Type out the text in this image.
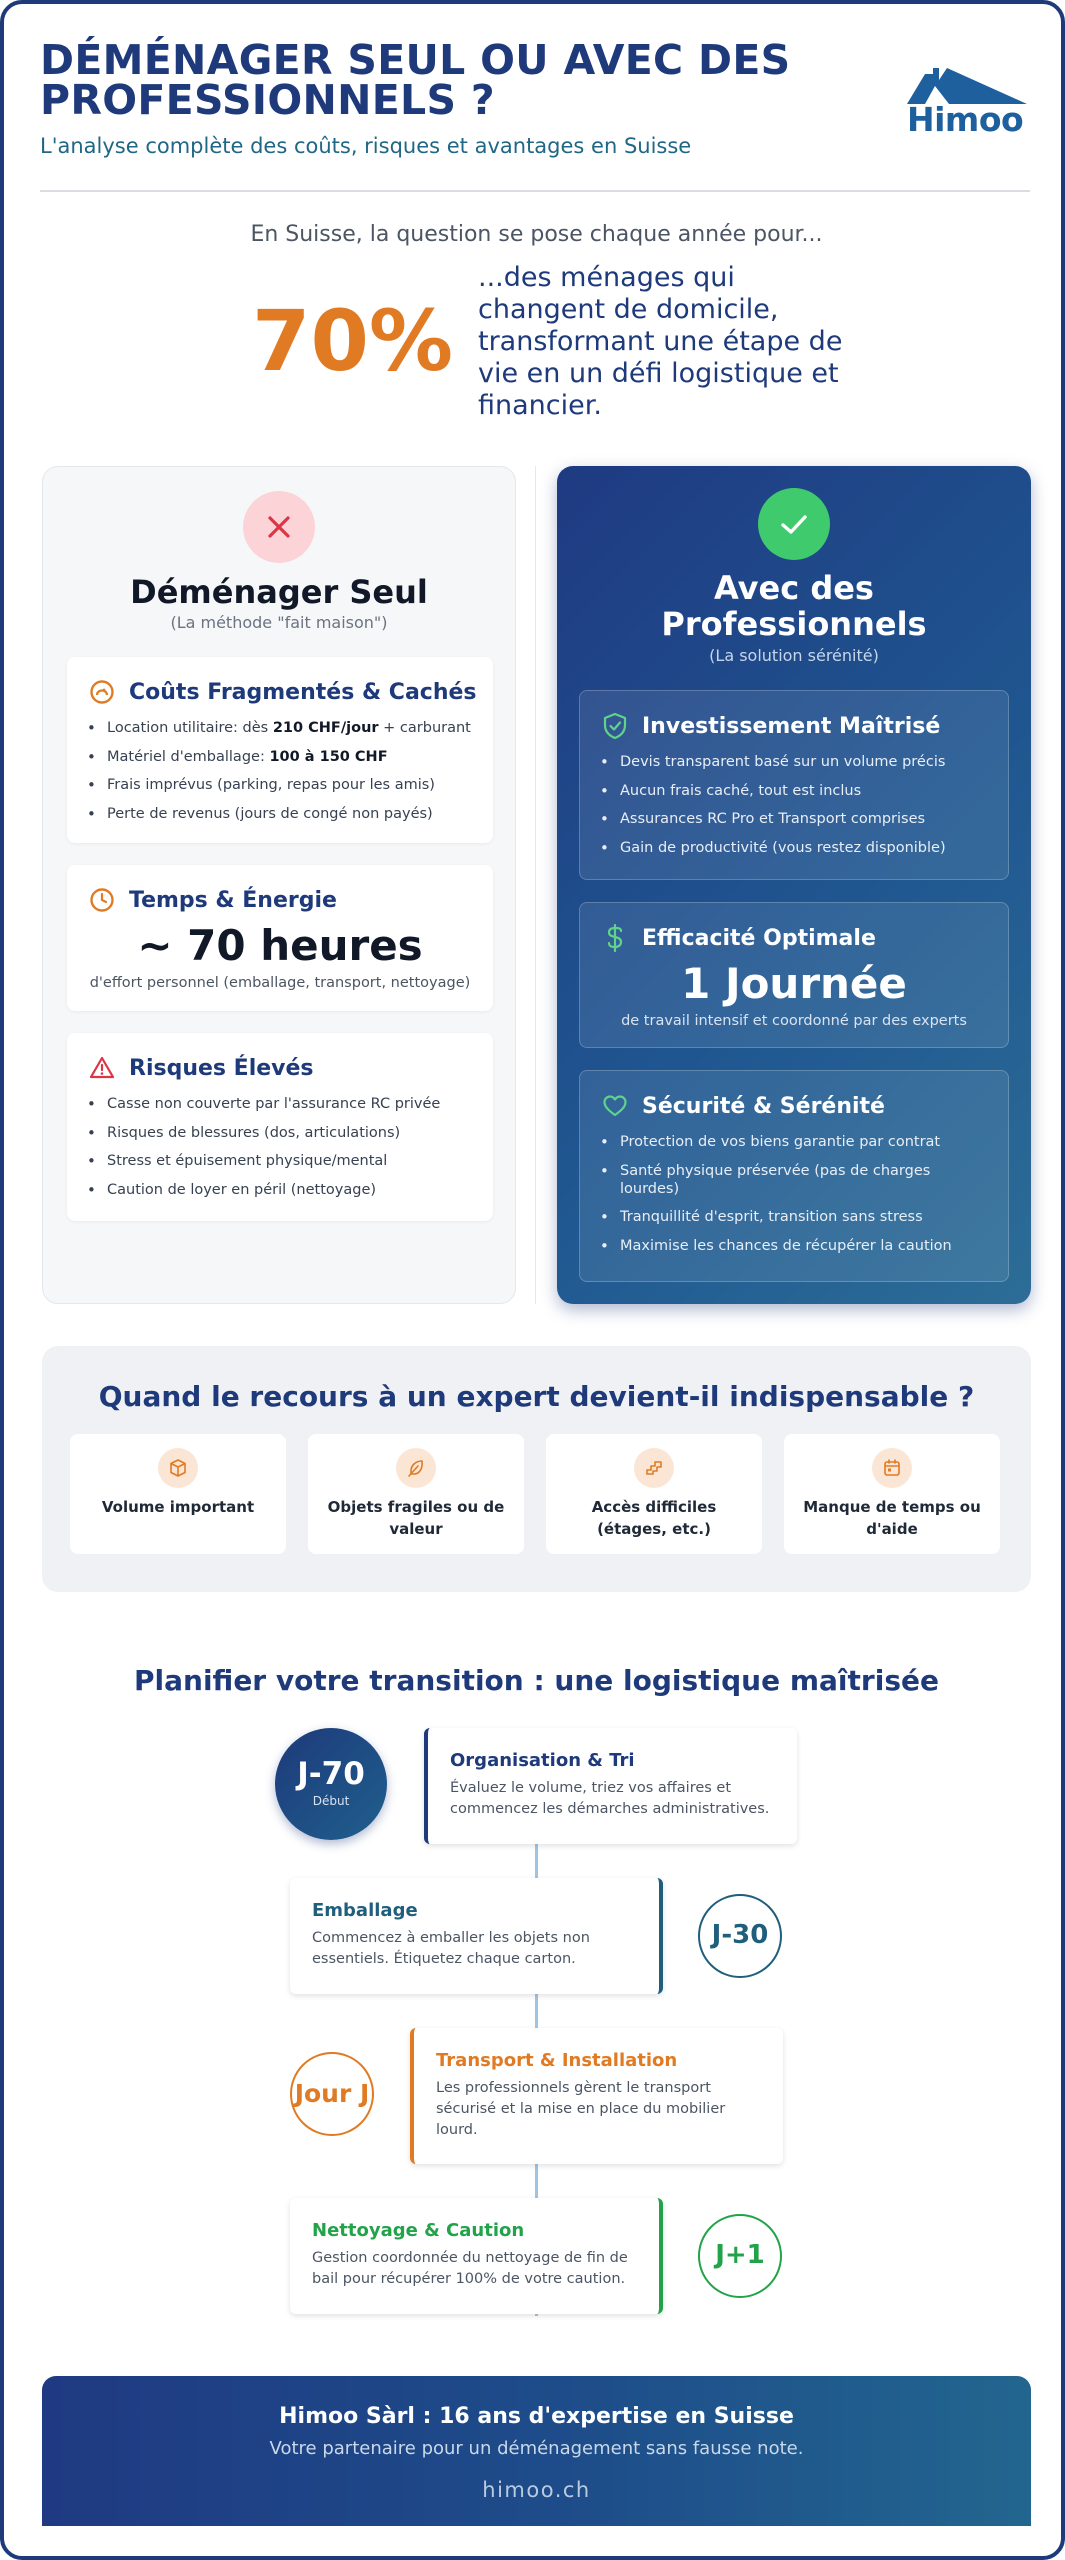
DÉMÉNAGER SEUL OU AVEC DES PROFESSIONNELS ?
L'analyse complète des coûts, risques et avantages en Suisse
Himoo
En Suisse, la question se pose chaque année pour...
70%
...des ménages qui changent de domicile, transformant une étape de vie en un défi logistique et financier.
Déménager Seul
(La méthode "fait maison")
Coûts Fragmentés & Cachés
• Location utilitaire: dès 210 CHF/jour + carburant
• Matériel d'emballage: 100 à 150 CHF
• Frais imprévus (parking, repas pour les amis)
• Perte de revenus (jours de congé non payés)
Temps & Énergie
~ 70 heures
d'effort personnel (emballage, transport, nettoyage)
Risques Élevés
• Casse non couverte par l'assurance RC privée
• Risques de blessures (dos, articulations)
• Stress et épuisement physique/mental
• Caution de loyer en péril (nettoyage)
Avec des Professionnels
(La solution sérénité)
Investissement Maîtrisé
• Devis transparent basé sur un volume précis
• Aucun frais caché, tout est inclus
• Assurances RC Pro et Transport comprises
• Gain de productivité (vous restez disponible)
Efficacité Optimale
1 Journée
de travail intensif et coordonné par des experts
Sécurité & Sérénité
• Protection de vos biens garantie par contrat
• Santé physique préservée (pas de charges lourdes)
• Tranquillité d'esprit, transition sans stress
• Maximise les chances de récupérer la caution
Quand le recours à un expert devient-il indispensable ?
Volume important	Objets fragiles ou de valeur
Accès difficiles (étages, etc.)
Manque de temps ou d'aide
Planifier votre transition : une logistique maîtrisée
J-70
Début
Organisation & Tri

Évaluez le volume, triez vos affaires et commencez les démarches administratives.

Emballage

Commencez à emballer les objets non essentiels. Étiquetez chaque carton.

J-30
Jour J
Transport & Installation

Les professionnels gèrent le transport sécurisé et la mise en place du mobilier lourd.

Nettoyage & Caution

Gestion coordonnée du nettoyage de fin de bail pour récupérer 100% de votre caution.

J+1
Himoo Sàrl : 16 ans d'expertise en Suisse
Votre partenaire pour un déménagement sans fausse note.
himoo.ch
